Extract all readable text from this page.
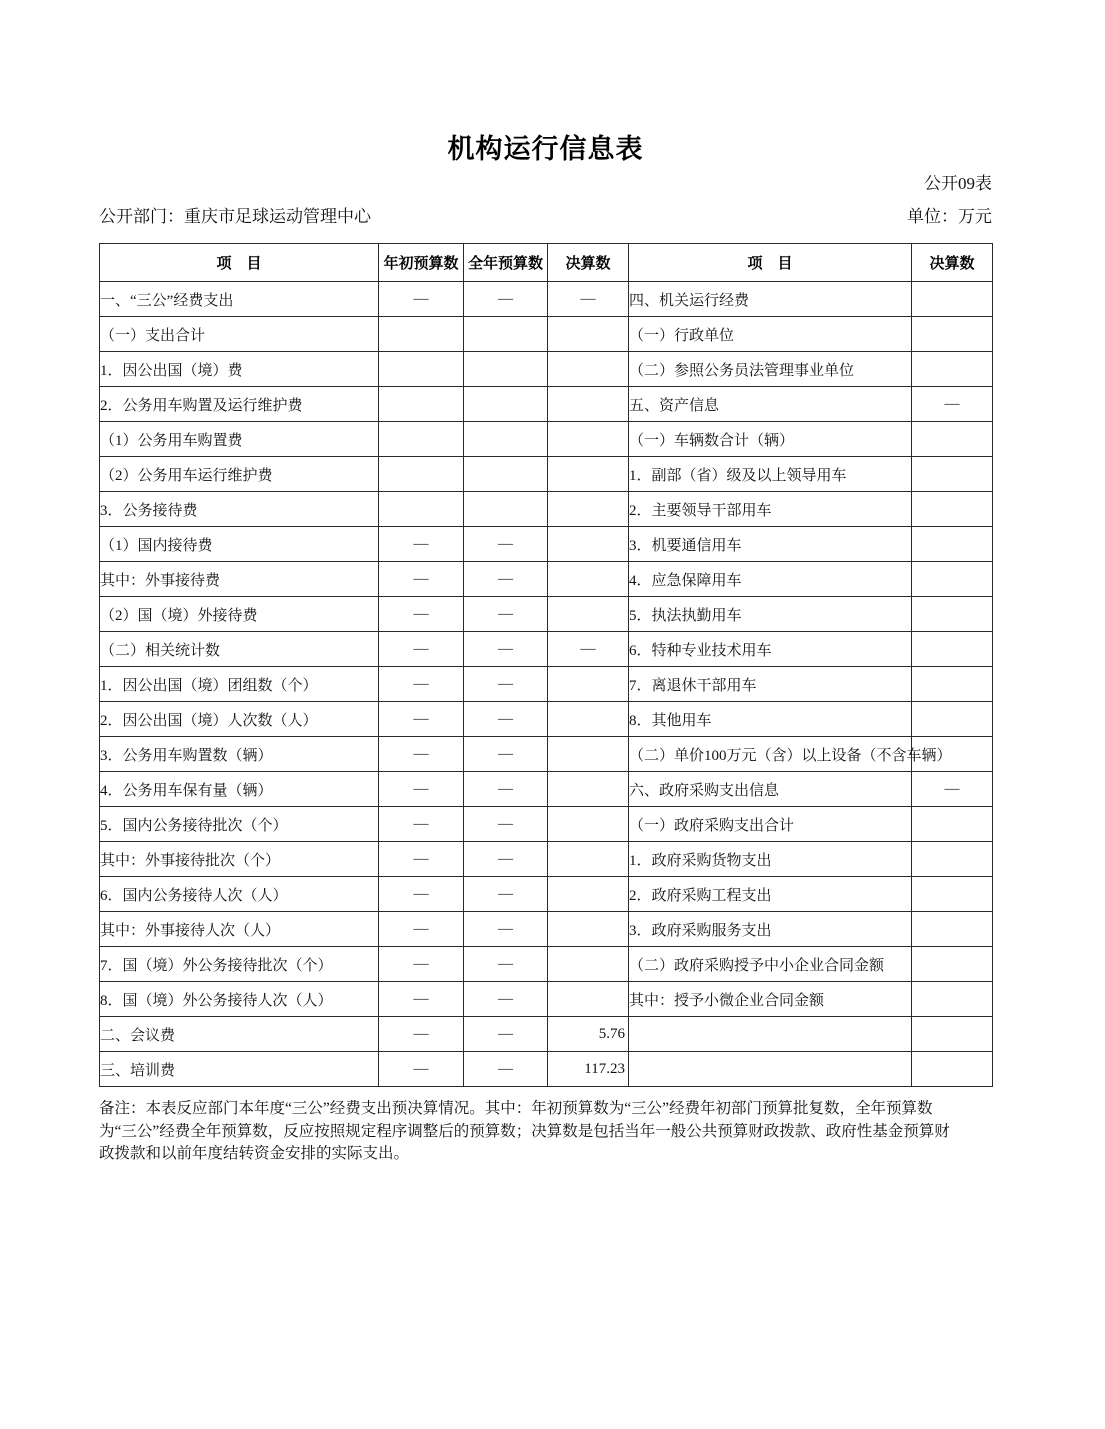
机构运行信息表
公开09表
公开部门：重庆市足球运动管理中心	单位：万元
项　目	年初预算数	全年预算数	决算数	项　目	决算数
一、“三公”经费支出	—	—	—	四、机关运行经费	
（一）支出合计				（一）行政单位	
1．因公出国（境）费				（二）参照公务员法管理事业单位	
2．公务用车购置及运行维护费				五、资产信息	—
（1）公务用车购置费				（一）车辆数合计（辆）	
（2）公务用车运行维护费				1．副部（省）级及以上领导用车	
3．公务接待费				2．主要领导干部用车	
（1）国内接待费	—	—		3．机要通信用车	
其中：外事接待费	—	—		4．应急保障用车	
（2）国（境）外接待费	—	—		5．执法执勤用车	
（二）相关统计数	—	—	—	6．特种专业技术用车	
1．因公出国（境）团组数（个）	—	—		7．离退休干部用车	
2．因公出国（境）人次数（人）	—	—		8．其他用车	
3．公务用车购置数（辆）	—	—		（二）单价100万元（含）以上设备（不含车辆）	
4．公务用车保有量（辆）	—	—		六、政府采购支出信息	—
5．国内公务接待批次（个）	—	—		（一）政府采购支出合计	
其中：外事接待批次（个）	—	—		1．政府采购货物支出	
6．国内公务接待人次（人）	—	—		2．政府采购工程支出	
其中：外事接待人次（人）	—	—		3．政府采购服务支出	
7．国（境）外公务接待批次（个）	—	—		（二）政府采购授予中小企业合同金额	
8．国（境）外公务接待人次（人）	—	—		其中：授予小微企业合同金额	
二、会议费	—	—	5.76		
三、培训费	—	—	117.23		
备注：本表反应部门本年度“三公”经费支出预决算情况。其中：年初预算数为“三公”经费年初部门预算批复数，全年预算数
为“三公”经费全年预算数，反应按照规定程序调整后的预算数；决算数是包括当年一般公共预算财政拨款、政府性基金预算财
政拨款和以前年度结转资金安排的实际支出。
